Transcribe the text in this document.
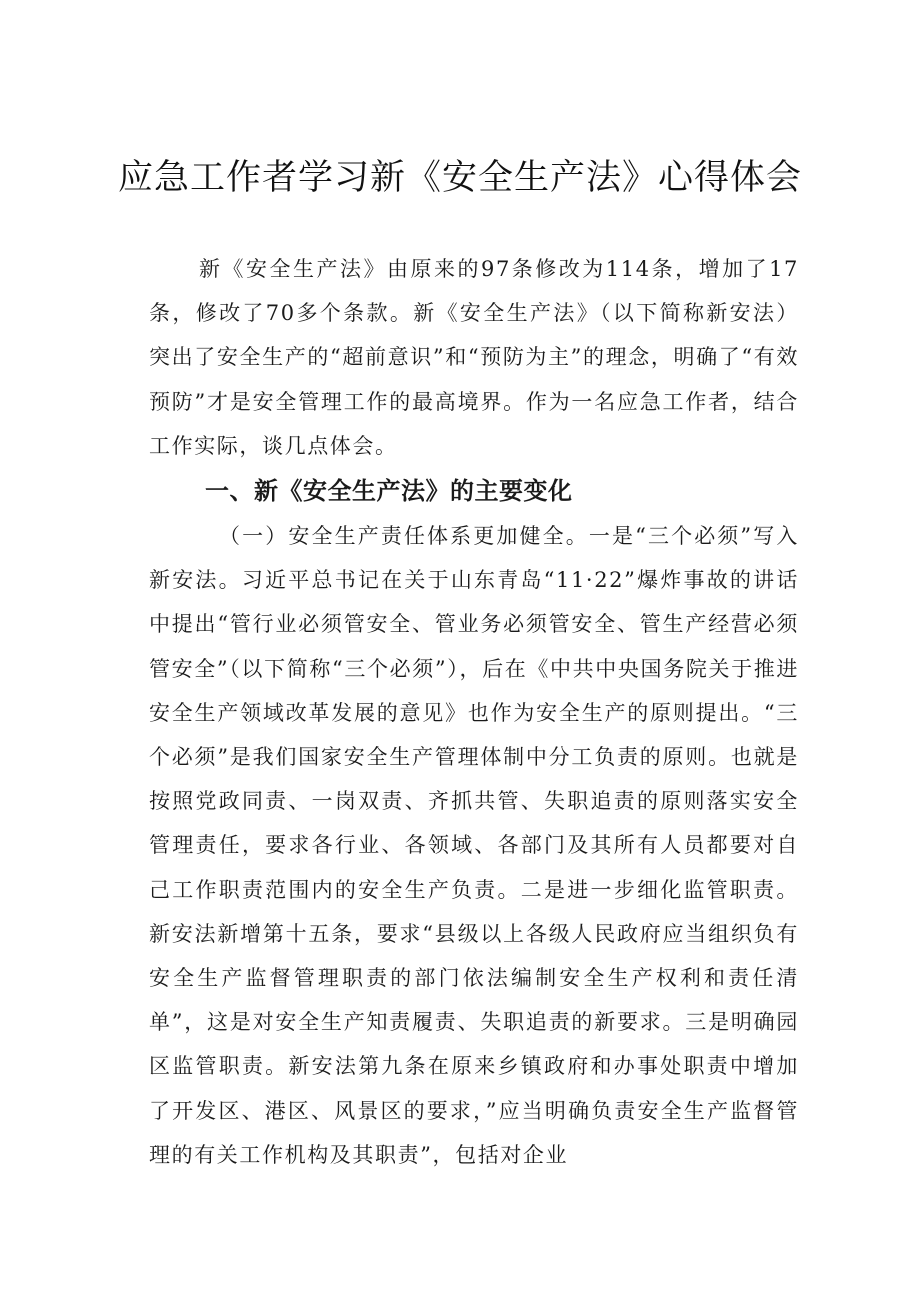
应急工作者学习新《安全生产法》心得体会

新《安全生产法》由原来的97条修改为114条，增加了17条，修改了70多个条款。新《安全生产法》（以下简称新安法）突出了安全生产的“超前意识”和“预防为主”的理念，明确了“有效预防”才是安全管理工作的最高境界。作为一名应急工作者，结合工作实际，谈几点体会。

一、新《安全生产法》的主要变化

（一）安全生产责任体系更加健全。一是“三个必须”写入新安法。习近平总书记在关于山东青岛“11·22”爆炸事故的讲话中提出“管行业必须管安全、管业务必须管安全、管生产经营必须管安全”（以下简称“三个必须”），后在《中共中央国务院关于推进安全生产领域改革发展的意见》也作为安全生产的原则提出。“三个必须”是我们国家安全生产管理体制中分工负责的原则。也就是按照党政同责、一岗双责、齐抓共管、失职追责的原则落实安全管理责任，要求各行业、各领域、各部门及其所有人员都要对自己工作职责范围内的安全生产负责。二是进一步细化监管职责。新安法新增第十五条，要求“县级以上各级人民政府应当组织负有安全生产监督管理职责的部门依法编制安全生产权利和责任清单”，这是对安全生产知责履责、失职追责的新要求。三是明确园区监管职责。新安法第九条在原来乡镇政府和办事处职责中增加了开发区、港区、风景区的要求，”应当明确负责安全生产监督管理的有关工作机构及其职责”，包括对企业
